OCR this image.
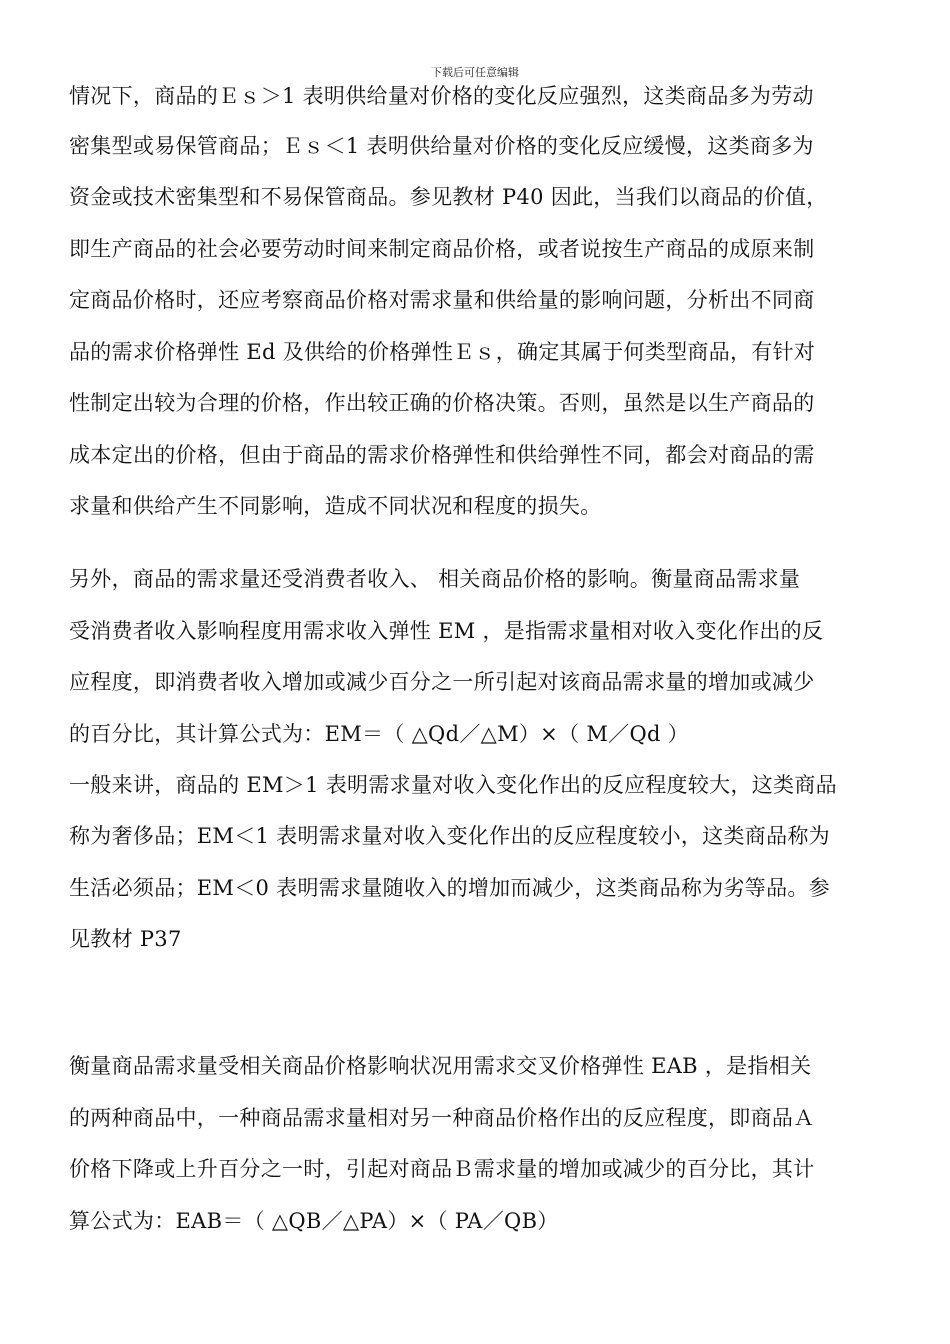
下载后可任意编辑
情况下，商品的Ｅｓ＞1 表明供给量对价格的变化反应强烈，这类商品多为劳动
密集型或易保管商品；Ｅｓ＜1 表明供给量对价格的变化反应缓慢，这类商多为
资金或技术密集型和不易保管商品。参见教材 P40 因此，当我们以商品的价值，
即生产商品的社会必要劳动时间来制定商品价格，或者说按生产商品的成原来制
定商品价格时，还应考察商品价格对需求量和供给量的影响问题，分析出不同商
品的需求价格弹性 Ed 及供给的价格弹性Ｅｓ，确定其属于何类型商品，有针对
性制定出较为合理的价格，作出较正确的价格决策。否则，虽然是以生产商品的
成本定出的价格，但由于商品的需求价格弹性和供给弹性不同，都会对商品的需
求量和供给产生不同影响，造成不同状况和程度的损失。
另外，商品的需求量还受消费者收入、 相关商品价格的影响。衡量商品需求量
受消费者收入影响程度用需求收入弹性 EM ，是指需求量相对收入变化作出的反
应程度，即消费者收入增加或减少百分之一所引起对该商品需求量的增加或减少
的百分比，其计算公式为：EM＝（ △Qd／△M）×（ M／Qd ）
一般来讲，商品的 EM＞1 表明需求量对收入变化作出的反应程度较大，这类商品
称为奢侈品；EM＜1 表明需求量对收入变化作出的反应程度较小，这类商品称为
生活必须品；EM＜0 表明需求量随收入的增加而减少，这类商品称为劣等品。参
见教材 P37
衡量商品需求量受相关商品价格影响状况用需求交叉价格弹性 EAB ，是指相关
的两种商品中，一种商品需求量相对另一种商品价格作出的反应程度，即商品Ａ
价格下降或上升百分之一时，引起对商品Ｂ需求量的增加或减少的百分比，其计
算公式为：EAB＝（ △QB／△PA）×（ PA／QB）
